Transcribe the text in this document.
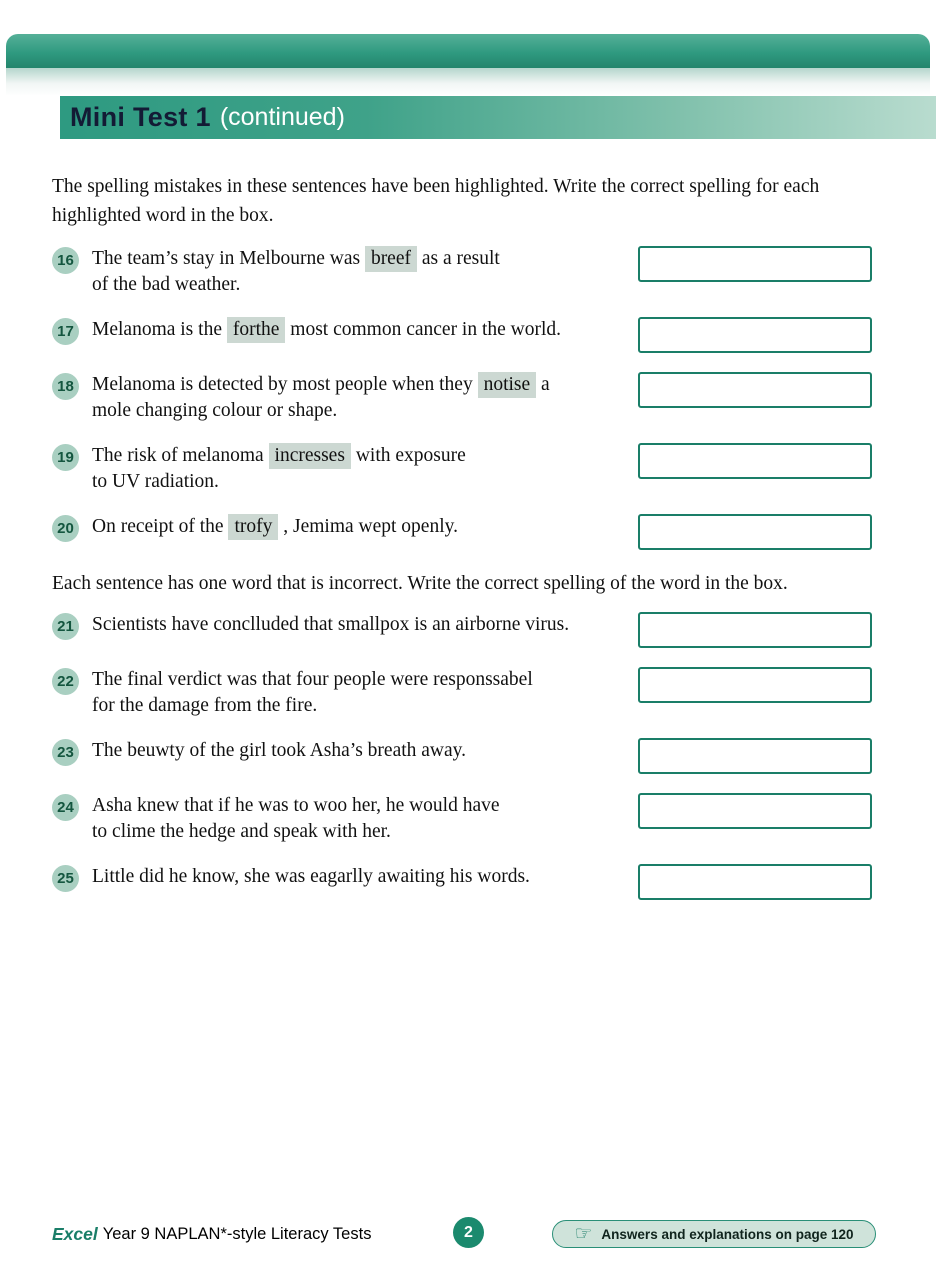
Mini Test 1 (continued)

The spelling mistakes in these sentences have been highlighted. Write the correct spelling for each
highlighted word in the box.

16 The team’s stay in Melbourne was breef as a result
of the bad weather.
17 Melanoma is the forthe most common cancer in the world.
18 Melanoma is detected by most people when they notise a
mole changing colour or shape.
19 The risk of melanoma incresses with exposure
to UV radiation.
20 On receipt of the trofy , Jemima wept openly.

Each sentence has one word that is incorrect. Write the correct spelling of the word in the box.

21 Scientists have conclluded that smallpox is an airborne virus.
22 The final verdict was that four people were responssabel
for the damage from the fire.
23 The beuwty of the girl took Asha’s breath away.
24 Asha knew that if he was to woo her, he would have
to clime the hedge and speak with her.
25 Little did he know, she was eagarlly awaiting his words.
Excel Year 9 NAPLAN*-style Literacy Tests	☞ Answers and explanations on page 120
2
